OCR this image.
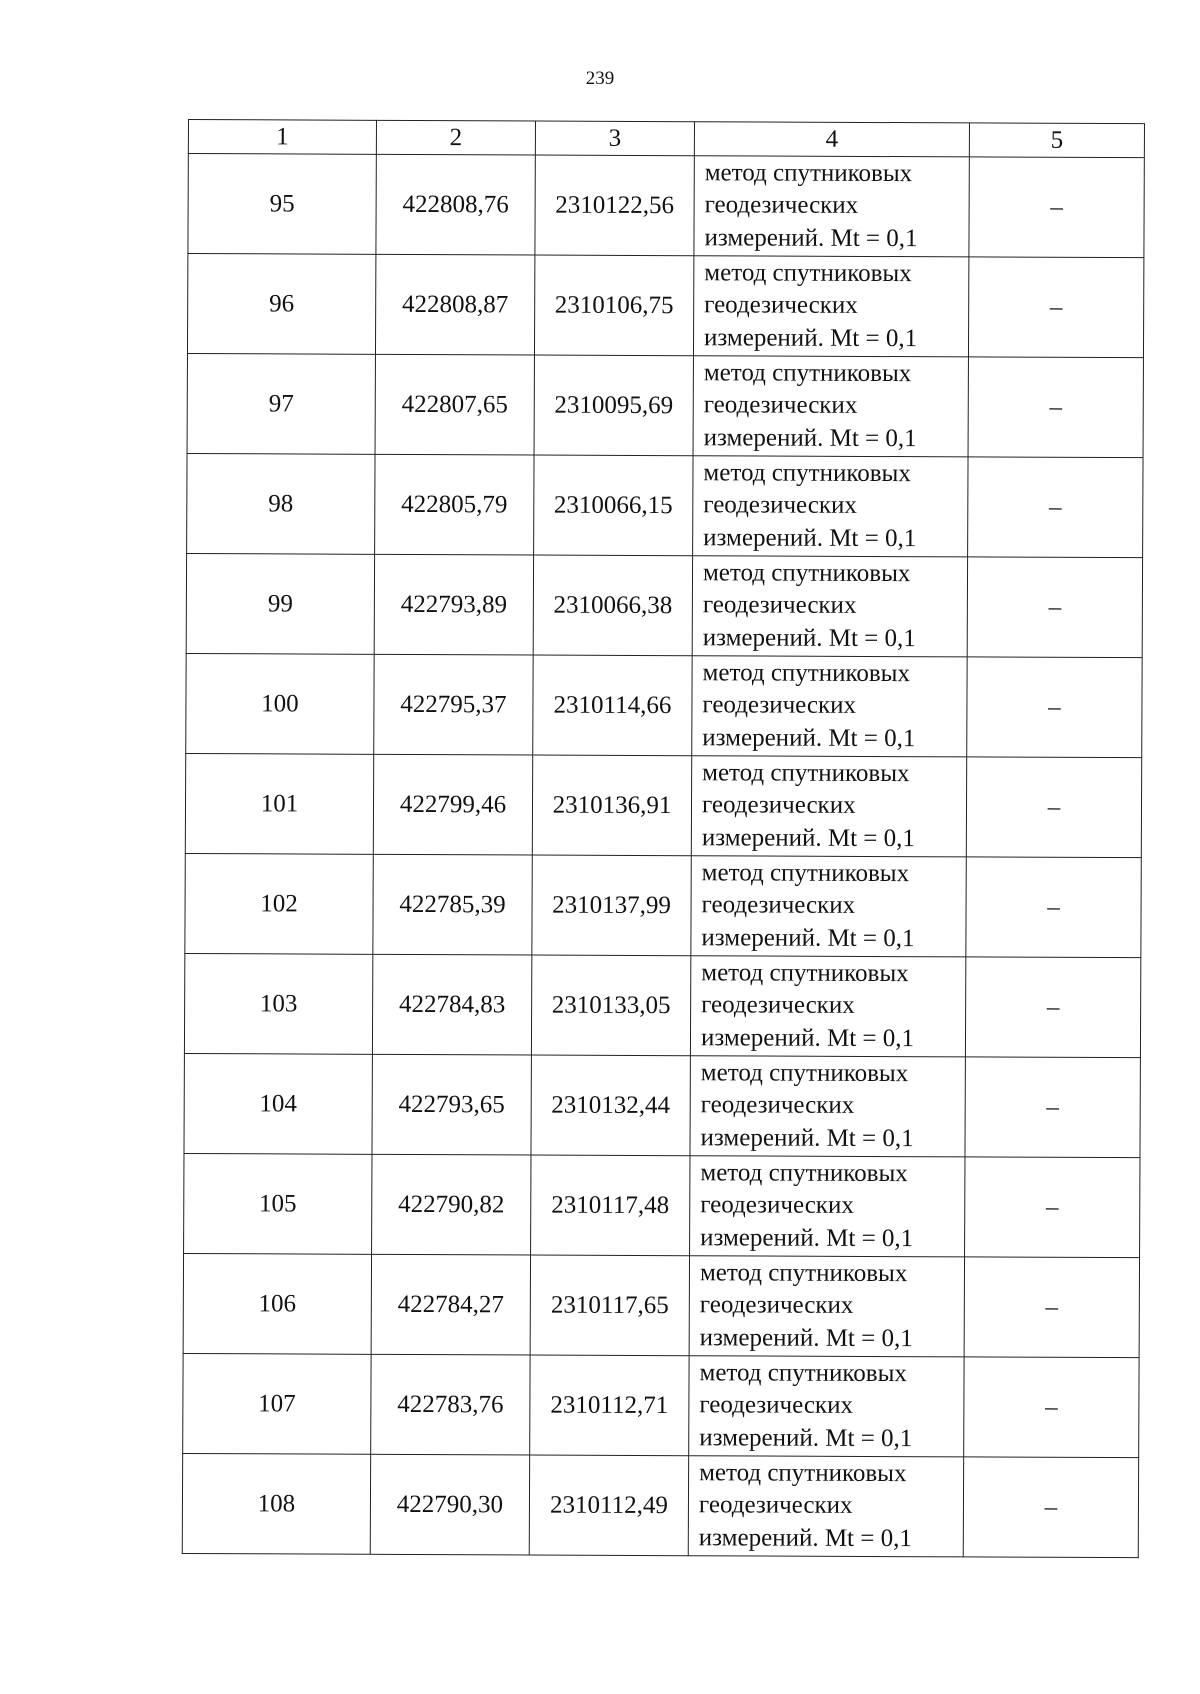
239
1	2	3	4	5
95	422808,76	2310122,56	метод спутниковых
геодезических
измерений. Mt = 0,1	–
96	422808,87	2310106,75	метод спутниковых
геодезических
измерений. Mt = 0,1	–
97	422807,65	2310095,69	метод спутниковых
геодезических
измерений. Mt = 0,1	–
98	422805,79	2310066,15	метод спутниковых
геодезических
измерений. Mt = 0,1	–
99	422793,89	2310066,38	метод спутниковых
геодезических
измерений. Mt = 0,1	–
100	422795,37	2310114,66	метод спутниковых
геодезических
измерений. Mt = 0,1	–
101	422799,46	2310136,91	метод спутниковых
геодезических
измерений. Mt = 0,1	–
102	422785,39	2310137,99	метод спутниковых
геодезических
измерений. Mt = 0,1	–
103	422784,83	2310133,05	метод спутниковых
геодезических
измерений. Mt = 0,1	–
104	422793,65	2310132,44	метод спутниковых
геодезических
измерений. Mt = 0,1	–
105	422790,82	2310117,48	метод спутниковых
геодезических
измерений. Mt = 0,1	–
106	422784,27	2310117,65	метод спутниковых
геодезических
измерений. Mt = 0,1	–
107	422783,76	2310112,71	метод спутниковых
геодезических
измерений. Mt = 0,1	–
108	422790,30	2310112,49	метод спутниковых
геодезических
измерений. Mt = 0,1	–
